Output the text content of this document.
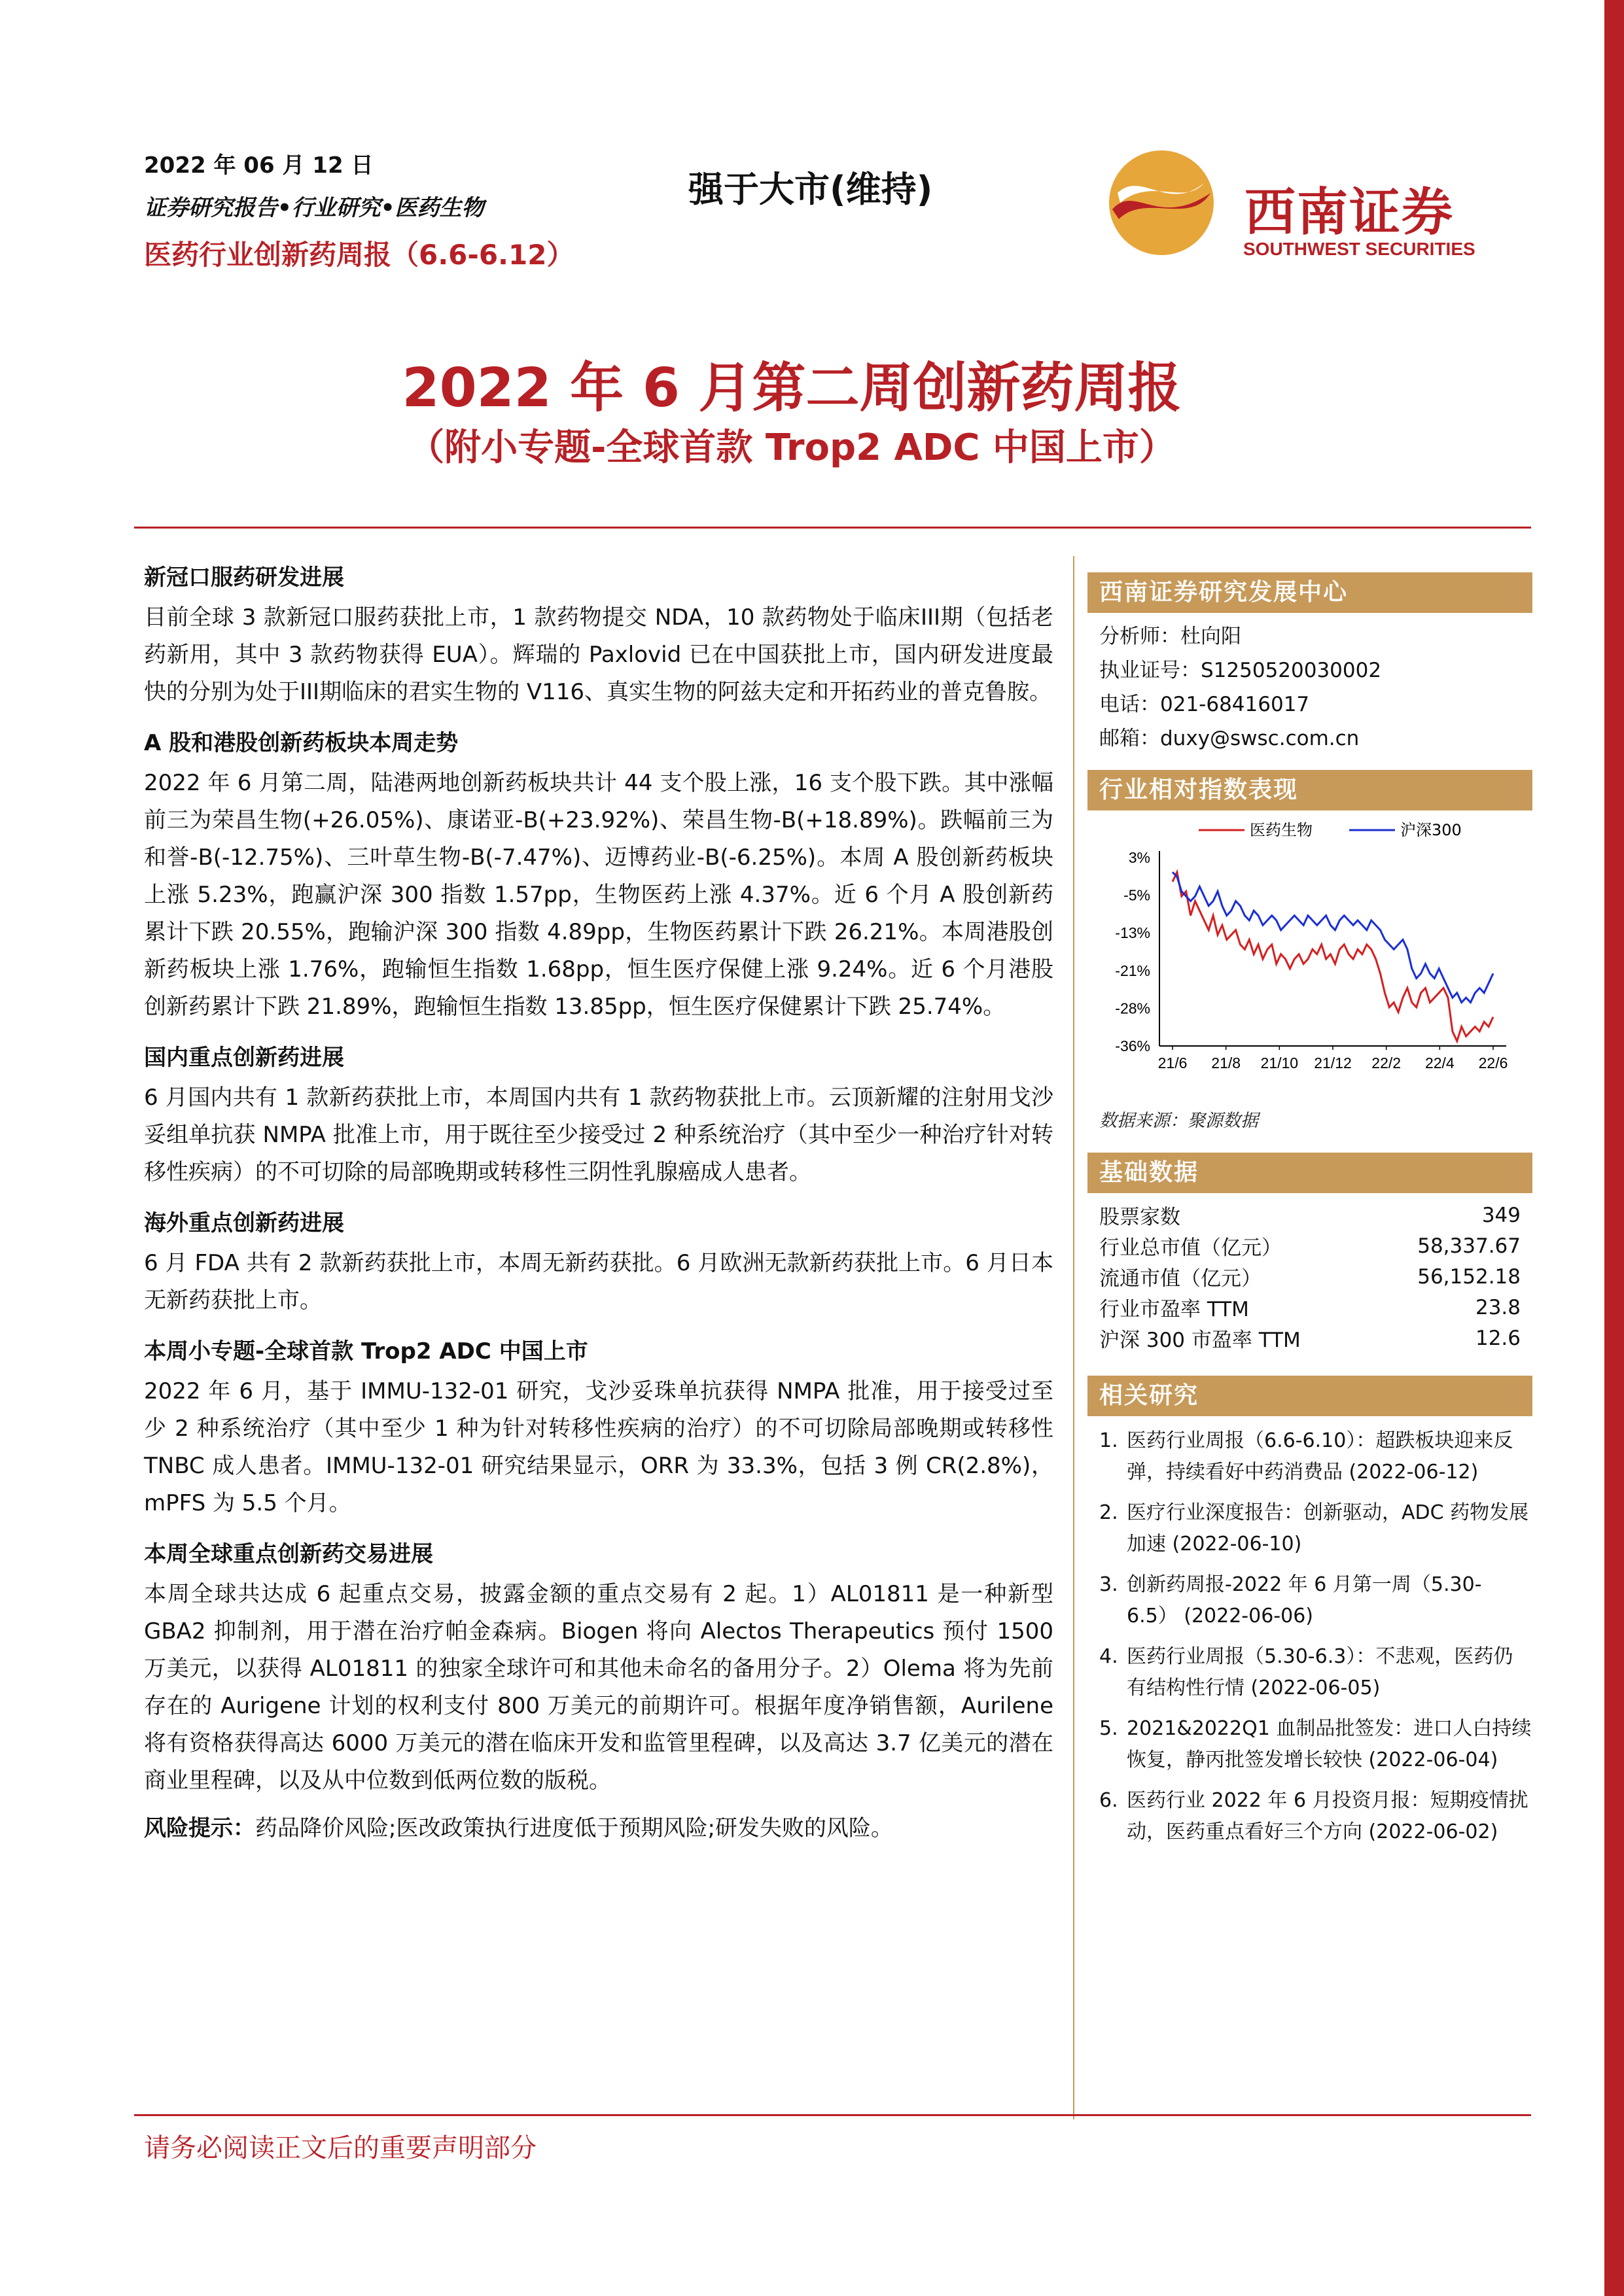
2022 年 06 月 12 日
证券研究报告•行业研究•医药生物
医药行业创新药周报（6.6-6.12）
强于大市(维持)	西南证券
SOUTHWEST SECURITIES
2022 年 6 月第二周创新药周报
（附小专题-全球首款 Trop2 ADC 中国上市）

新冠口服药研发进展

目前全球 3 款新冠口服药获批上市，1 款药物提交 NDA，10 款药物处于临床III期（包括老药新用，其中 3 款药物获得 EUA）。辉瑞的 Paxlovid 已在中国获批上市，国内研发进度最快的分别为处于III期临床的君实生物的 V116、真实生物的阿兹夫定和开拓药业的普克鲁胺。

A 股和港股创新药板块本周走势

2022 年 6 月第二周，陆港两地创新药板块共计 44 支个股上涨，16 支个股下跌。其中涨幅前三为荣昌生物(+26.05%)、康诺亚-B(+23.92%)、荣昌生物-B(+18.89%)。跌幅前三为和誉-B(-12.75%)、三叶草生物-B(-7.47%)、迈博药业-B(-6.25%)。本周 A 股创新药板块上涨 5.23%，跑赢沪深 300 指数 1.57pp，生物医药上涨 4.37%。近 6 个月 A 股创新药累计下跌 20.55%，跑输沪深 300 指数 4.89pp，生物医药累计下跌 26.21%。本周港股创新药板块上涨 1.76%，跑输恒生指数 1.68pp，恒生医疗保健上涨 9.24%。近 6 个月港股创新药累计下跌 21.89%，跑输恒生指数 13.85pp，恒生医疗保健累计下跌 25.74%。

国内重点创新药进展

6 月国内共有 1 款新药获批上市，本周国内共有 1 款药物获批上市。云顶新耀的注射用戈沙妥组单抗获 NMPA 批准上市，用于既往至少接受过 2 种系统治疗（其中至少一种治疗针对转移性疾病）的不可切除的局部晚期或转移性三阴性乳腺癌成人患者。

海外重点创新药进展

6 月 FDA 共有 2 款新药获批上市，本周无新药获批。6 月欧洲无款新药获批上市。6 月日本无新药获批上市。

本周小专题-全球首款 Trop2 ADC 中国上市

2022 年 6 月，基于 IMMU-132-01 研究，戈沙妥珠单抗获得 NMPA 批准，用于接受过至少 2 种系统治疗（其中至少 1 种为针对转移性疾病的治疗）的不可切除局部晚期或转移性 TNBC 成人患者。IMMU-132-01 研究结果显示，ORR 为 33.3%，包括 3 例 CR(2.8%)，mPFS 为 5.5 个月。

本周全球重点创新药交易进展

本周全球共达成 6 起重点交易，披露金额的重点交易有 2 起。1）AL01811 是一种新型 GBA2 抑制剂，用于潜在治疗帕金森病。Biogen 将向 Alectos Therapeutics 预付 1500 万美元，以获得 AL01811 的独家全球许可和其他未命名的备用分子。2）Olema 将为先前存在的 Aurigene 计划的权利支付 800 万美元的前期许可。根据年度净销售额，Aurilene 将有资格获得高达 6000 万美元的潜在临床开发和监管里程碑，以及高达 3.7 亿美元的潜在商业里程碑，以及从中位数到低两位数的版税。

风险提示：药品降价风险;医改政策执行进度低于预期风险;研发失败的风险。

西南证券研究发展中心
分析师：杜向阳
执业证号：S1250520030002
电话：021-68416017
邮箱：duxy@swsc.com.cn
行业相对指数表现
3%
-5%
-13%
-21%
-28%
-36%
21/6 21/8 21/10 21/12 22/2 22/4 22/6
医药生物	沪深300
数据来源：聚源数据
基础数据
股票家数	349
行业总市值（亿元）	58,337.67
流通市值（亿元）	56,152.18
行业市盈率 TTM	23.8
沪深 300 市盈率 TTM	12.6
相关研究
1. 医药行业周报（6.6-6.10）：超跌板块迎来反弹，持续看好中药消费品 (2022-06-12)
2. 医疗行业深度报告：创新驱动，ADC 药物发展加速 (2022-06-10)
3. 创新药周报-2022 年 6 月第一周（5.30-6.5） (2022-06-06)
4. 医药行业周报（5.30-6.3）：不悲观，医药仍有结构性行情 (2022-06-05)
5. 2021&2022Q1 血制品批签发：进口人白持续恢复，静丙批签发增长较快 (2022-06-04)
6. 医药行业 2022 年 6 月投资月报：短期疫情扰动，医药重点看好三个方向 (2022-06-02)
请务必阅读正文后的重要声明部分
